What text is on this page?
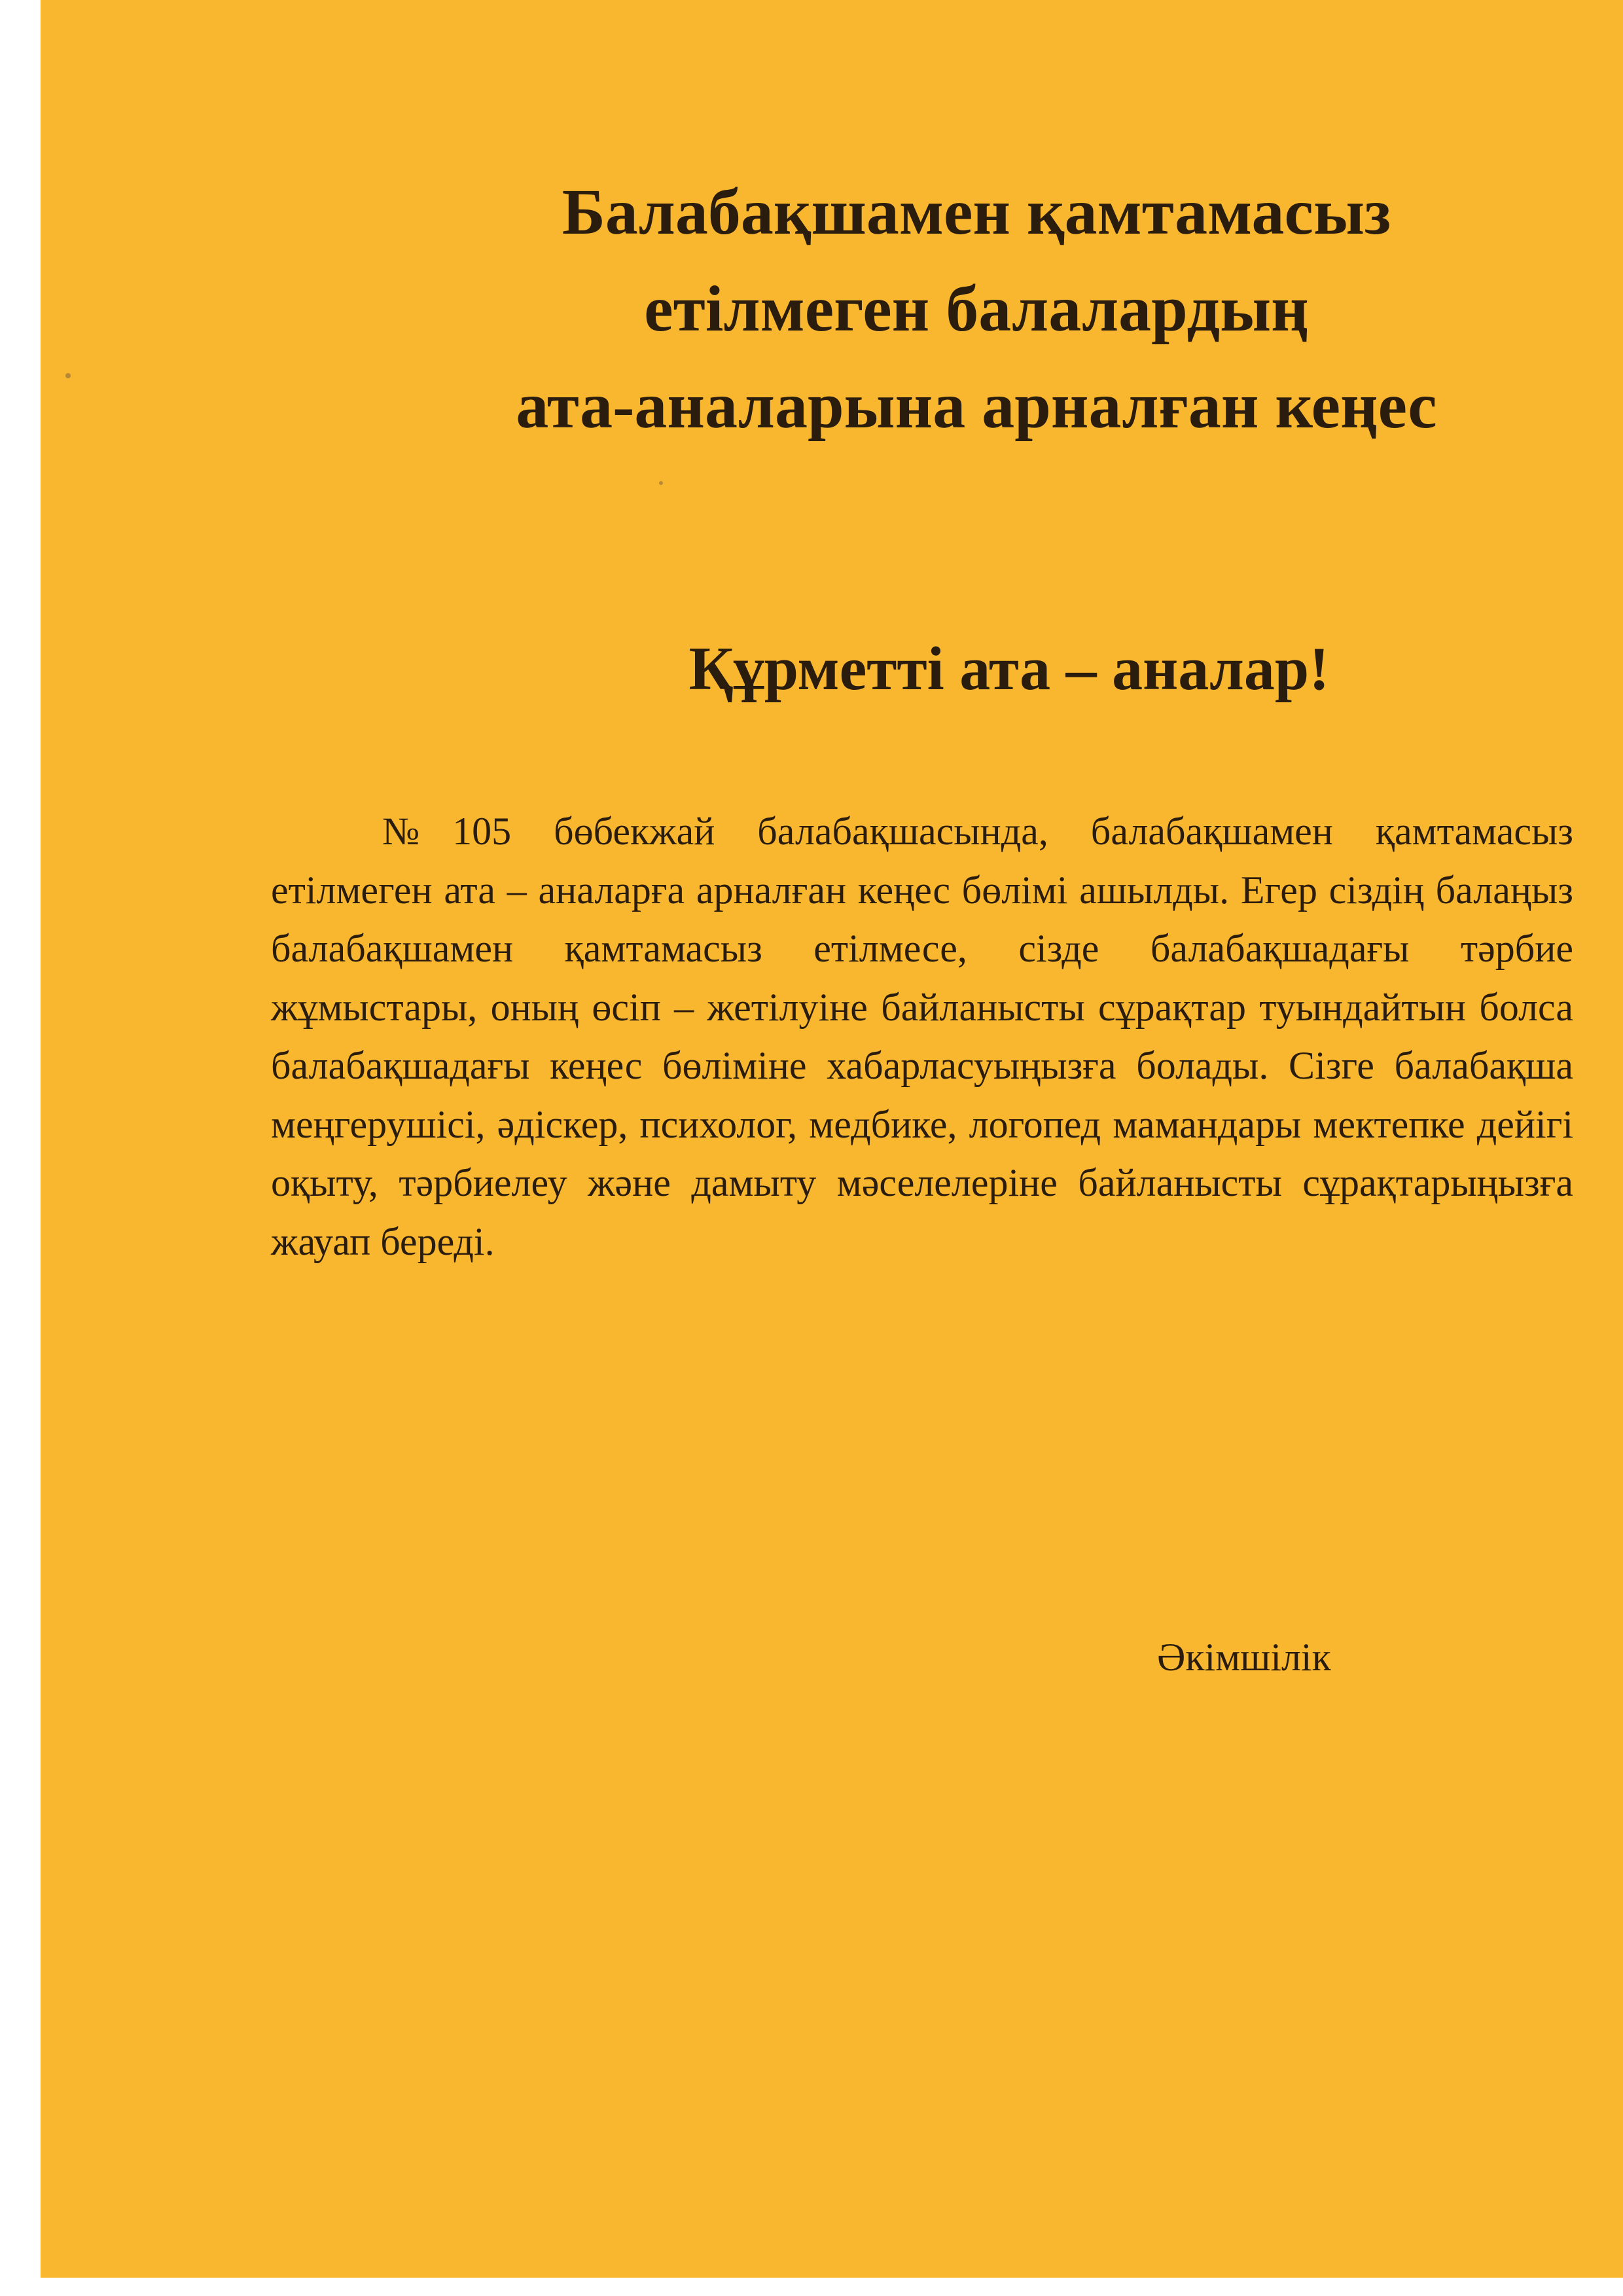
Балабақшамен қамтамасыз
етілмеген балалардың
ата-аналарына арналған кеңес
Құрметті ата – аналар!

№105 бөбекжай балабақшасында, балабақшамен қамтамасыз етілмеген ата – аналарға арналған кеңес бөлімі ашылды. Егер сіздің балаңыз балабақшамен қамтамасыз етілмесе, сізде балабақшадағы тәрбие жұмыстары, оның өсіп – жетілуіне байланысты сұрақтар туындайтын болса балабақшадағы кеңес бөліміне хабарласуыңызға болады. Сізге балабақша меңгерушісі, әдіскер, психолог, медбике, логопед мамандары мектепке дейігі оқыту, тәрбиелеу және дамыту мәселелеріне байланысты сұрақтарыңызға жауап береді.

Әкімшілік
